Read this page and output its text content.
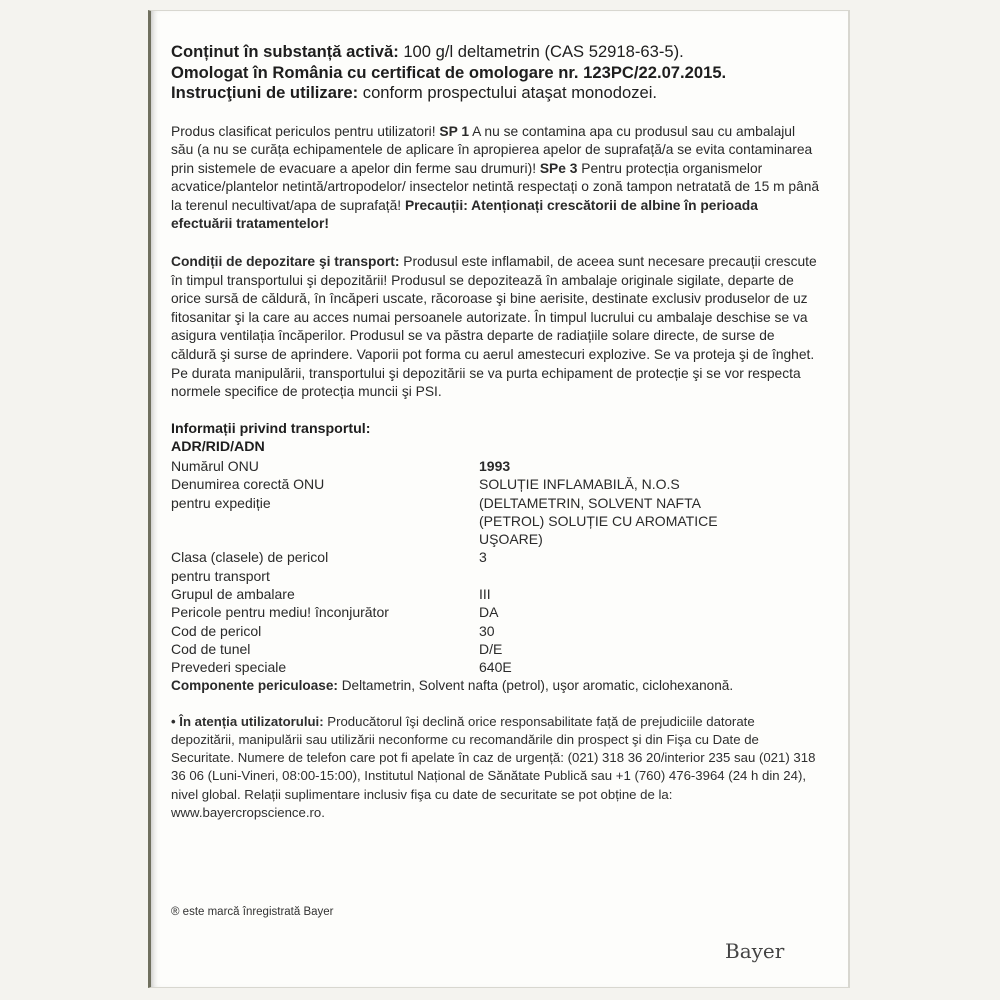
Conținut în substanță activă: 100 g/l deltametrin (CAS 52918-63-5).

Omologat în România cu certificat de omologare nr. 123PC/22.07.2015.

Instrucţiuni de utilizare: conform prospectului ataşat monodozei.

Produs clasificat periculos pentru utilizatori! SP 1 A nu se contamina apa cu produsul sau cu ambalajul său (a nu se curăța echipamentele de aplicare în apropierea apelor de suprafață/a se evita contaminarea prin sistemele de evacuare a apelor din ferme sau drumuri)! SPe 3 Pentru protecția organismelor acvatice/plantelor netintă/artropodelor/ insectelor netintă respectați o zonă tampon netratată de 15 m până la terenul necultivat/apa de suprafață! Precauții: Atenționați crescătorii de albine în perioada efectuării tratamentelor!

Condiții de depozitare şi transport: Produsul este inflamabil, de aceea sunt necesare precauții crescute în timpul transportului şi depozitării! Produsul se depozitează în ambalaje originale sigilate, departe de orice sursă de căldură, în încăperi uscate, răcoroase şi bine aerisite, destinate exclusiv produselor de uz fitosanitar şi la care au acces numai persoanele autorizate. În timpul lucrului cu ambalaje deschise se va asigura ventilația încăperilor. Produsul se va păstra departe de radiațiile solare directe, de surse de căldură şi surse de aprindere. Vaporii pot forma cu aerul amestecuri explozive. Se va proteja şi de înghet. Pe durata manipulării, transportului şi depozitării se va purta echipament de protecție şi se vor respecta normele specifice de protecția muncii şi PSI.

Informații privind transportul:

ADR/RID/ADN

Numărul ONU	1993
Denumirea corectă ONU
pentru expediție	SOLUȚIE INFLAMABILĂ, N.O.S
(DELTAMETRIN, SOLVENT NAFTA
(PETROL) SOLUȚIE CU AROMATICE
UŞOARE)
Clasa (clasele) de pericol
pentru transport	3
Grupul de ambalare	III
Pericole pentru mediu! înconjurător	DA
Cod de pericol	30
Cod de tunel	D/E
Prevederi speciale	640E

Componente periculoase: Deltametrin, Solvent nafta (petrol), uşor aromatic, ciclohexanonă.

• În atenția utilizatorului: Producătorul îşi declină orice responsabilitate față de prejudiciile datorate depozitării, manipulării sau utilizării neconforme cu recomandările din prospect şi din Fişa cu Date de Securitate. Numere de telefon care pot fi apelate în caz de urgență: (021) 318 36 20/interior 235 sau (021) 318 36 06 (Luni-Vineri, 08:00-15:00), Institutul Național de Sănătate Publică sau +1 (760) 476-3964 (24 h din 24), nivel global. Relații suplimentare inclusiv fişa cu date de securitate se pot obține de la:
www.bayercropscience.ro.

® este marcă înregistrată Bayer
Bayer
